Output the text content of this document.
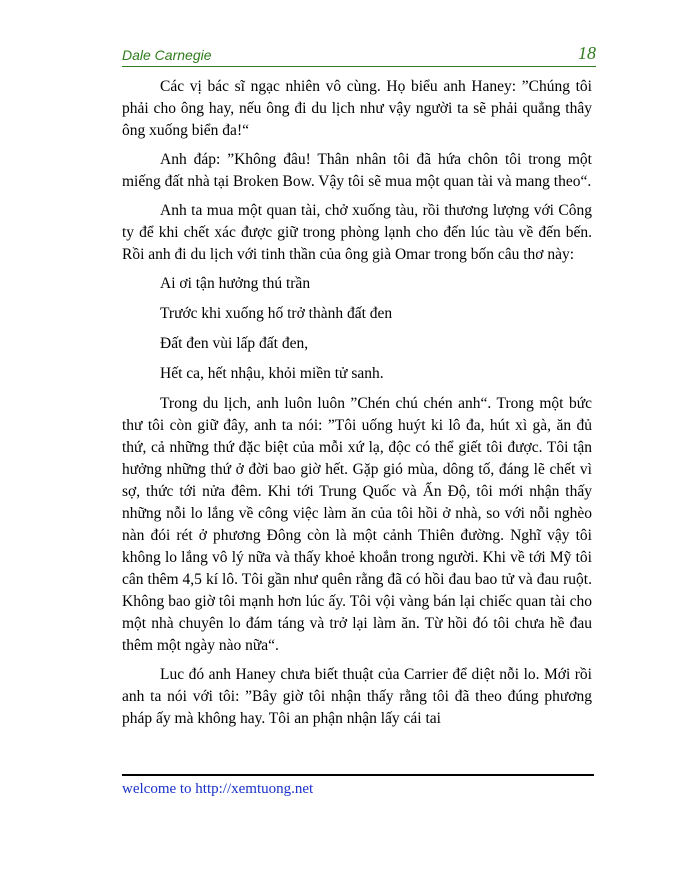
Dale Carnegie	18

Các vị bác sĩ ngạc nhiên vô cùng. Họ biểu anh Haney: ”Chúng tôi phải cho ông hay, nếu ông đi du lịch như vậy người ta sẽ phải quẳng thây ông xuống biển đa!“

Anh đáp: ”Không đâu! Thân nhân tôi đã hứa chôn tôi trong một miếng đất nhà tại Broken Bow. Vậy tôi sẽ mua một quan tài và mang theo“.

Anh ta mua một quan tài, chở xuống tàu, rồi thương lượng với Công ty để khi chết xác được giữ trong phòng lạnh cho đến lúc tàu về đến bến. Rồi anh đi du lịch với tinh thần của ông già Omar trong bốn câu thơ này:

Ai ơi tận hưởng thú trần

Trước khi xuống hố trở thành đất đen

Đất đen vùi lấp đất đen,

Hết ca, hết nhậu, khỏi miền tử sanh.

Trong du lịch, anh luôn luôn ”Chén chú chén anh“. Trong một bức thư tôi còn giữ đây, anh ta nói: ”Tôi uống huýt ki lô đa, hút xì gà, ăn đủ thứ, cả những thứ đặc biệt của mỗi xứ lạ, độc có thể giết tôi được. Tôi tận hưởng những thứ ở đời bao giờ hết. Gặp gió mùa, dông tố, đáng lẽ chết vì sợ, thức tới nửa đêm. Khi tới Trung Quốc và Ấn Độ, tôi mới nhận thấy những nỗi lo lắng về công việc làm ăn của tôi hồi ở nhà, so với nỗi nghèo nàn đói rét ở phương Đông còn là một cảnh Thiên đường. Nghĩ vậy tôi không lo lắng vô lý nữa và thấy khoẻ khoắn trong người. Khi về tới Mỹ tôi cân thêm 4,5 kí lô. Tôi gần như quên rằng đã có hồi đau bao tử và đau ruột. Không bao giờ tôi mạnh hơn lúc ấy. Tôi vội vàng bán lại chiếc quan tài cho một nhà chuyên lo đám táng và trở lại làm ăn. Từ hồi đó tôi chưa hề đau thêm một ngày nào nữa“.

Luc đó anh Haney chưa biết thuật của Carrier để diệt nỗi lo. Mới rồi anh ta nói với tôi: ”Bây giờ tôi nhận thấy rằng tôi đã theo đúng phương pháp ấy mà không hay. Tôi an phận nhận lấy cái tai

welcome to http://xemtuong.net
